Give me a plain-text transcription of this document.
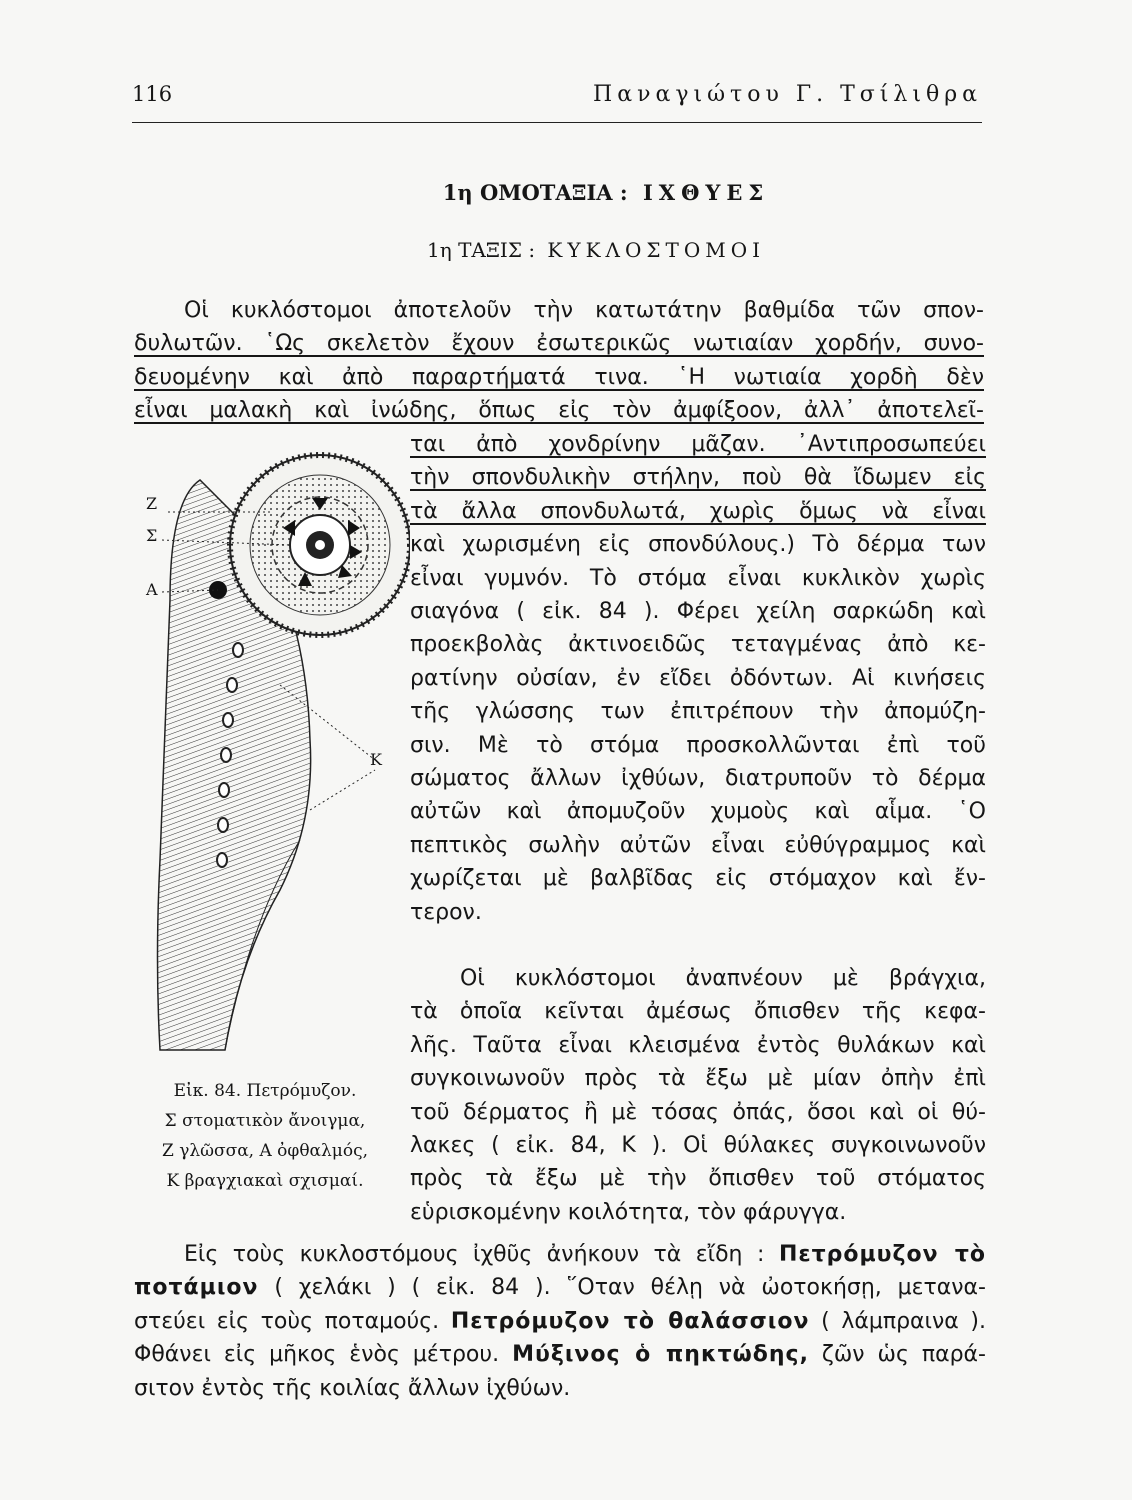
116	Παναγιώτου Γ. Τσίλιθρα
1η ΟΜΟΤΑΞΙΑ : ΙΧΘΥΕΣ
1η ΤΑΞΙΣ : ΚΥΚΛΟΣΤΟΜΟΙ
Οἱ κυκλόστομοι ἀποτελοῦν τὴν κατωτάτην βαθμίδα τῶν σπον-
δυλωτῶν. ῾Ως σκελετὸν ἔχουν ἐσωτερικῶς νωτιαίαν χορδήν, συνο-
δευομένην καὶ ἀπὸ παραρτήματά τινα. ῾Η νωτιαία χορδὴ δὲν
εἶναι μαλακὴ καὶ ἰνώδης, ὅπως εἰς τὸν ἀμφίξοον, ἀλλ᾿ ἀποτελεῖ-
ται ἀπὸ χονδρίνην μᾶζαν. ᾿Αντιπροσωπεύει
τὴν σπονδυλικὴν στήλην, ποὺ θὰ ἴδωμεν εἰς
τὰ ἄλλα σπονδυλωτά, χωρὶς ὅμως νὰ εἶναι
καὶ χωρισμένη εἰς σπονδύλους.) Τὸ δέρμα των
εἶναι γυμνόν. Τὸ στόμα εἶναι κυκλικὸν χωρὶς
σιαγόνα ( εἰκ. 84 ). Φέρει χείλη σαρκώδη καὶ
προεκβολὰς ἀκτινοειδῶς τεταγμένας ἀπὸ κε-
ρατίνην οὐσίαν, ἐν εἴδει ὀδόντων. Αἱ κινήσεις
τῆς γλώσσης των ἐπιτρέπουν τὴν ἀπομύζη-
σιν. Μὲ τὸ στόμα προσκολλῶνται ἐπὶ τοῦ
σώματος ἄλλων ἰχθύων, διατρυποῦν τὸ δέρμα
αὐτῶν καὶ ἀπομυζοῦν χυμοὺς καὶ αἷμα. ῾Ο
πεπτικὸς σωλὴν αὐτῶν εἶναι εὐθύγραμμος καὶ
χωρίζεται μὲ βαλβῖδας εἰς στόμαχον καὶ ἔν-
τερον.
Οἱ κυκλόστομοι ἀναπνέουν μὲ βράγχια,
τὰ ὁποῖα κεῖνται ἀμέσως ὄπισθεν τῆς κεφα-
λῆς. Ταῦτα εἶναι κλεισμένα ἐντὸς θυλάκων καὶ
συγκοινωνοῦν πρὸς τὰ ἔξω μὲ μίαν ὀπὴν ἐπὶ
τοῦ δέρματος ἢ μὲ τόσας ὀπάς, ὅσοι καὶ οἱ θύ-
λακες ( εἰκ. 84, Κ ). Οἱ θύλακες συγκοινωνοῦν
πρὸς τὰ ἔξω μὲ τὴν ὄπισθεν τοῦ στόματος
εὑρισκομένην κοιλότητα, τὸν φάρυγγα.
Εἰς τοὺς κυκλοστόμους ἰχθῦς ἀνήκουν τὰ εἴδη : Πετρόμυζον τὸ
ποτάμιον ( χελάκι ) ( εἰκ. 84 ). ῞Οταν θέλῃ νὰ ὠοτοκήσῃ, μετανα-
στεύει εἰς τοὺς ποταμούς. Πετρόμυζον τὸ θαλάσσιον ( λάμπραινα ).
Φθάνει εἰς μῆκος ἑνὸς μέτρου. Μύξινος ὁ πηκτώδης, ζῶν ὡς παρά-
σιτον ἐντὸς τῆς κοιλίας ἄλλων ἰχθύων.
Ζ
Σ
Α
Κ
Εἰκ. 84. Πετρόμυζον.
Σ στοματικὸν ἄνοιγμα,
Ζ γλῶσσα, Α ὀφθαλμός,
Κ βραγχιακαὶ σχισμαί.
